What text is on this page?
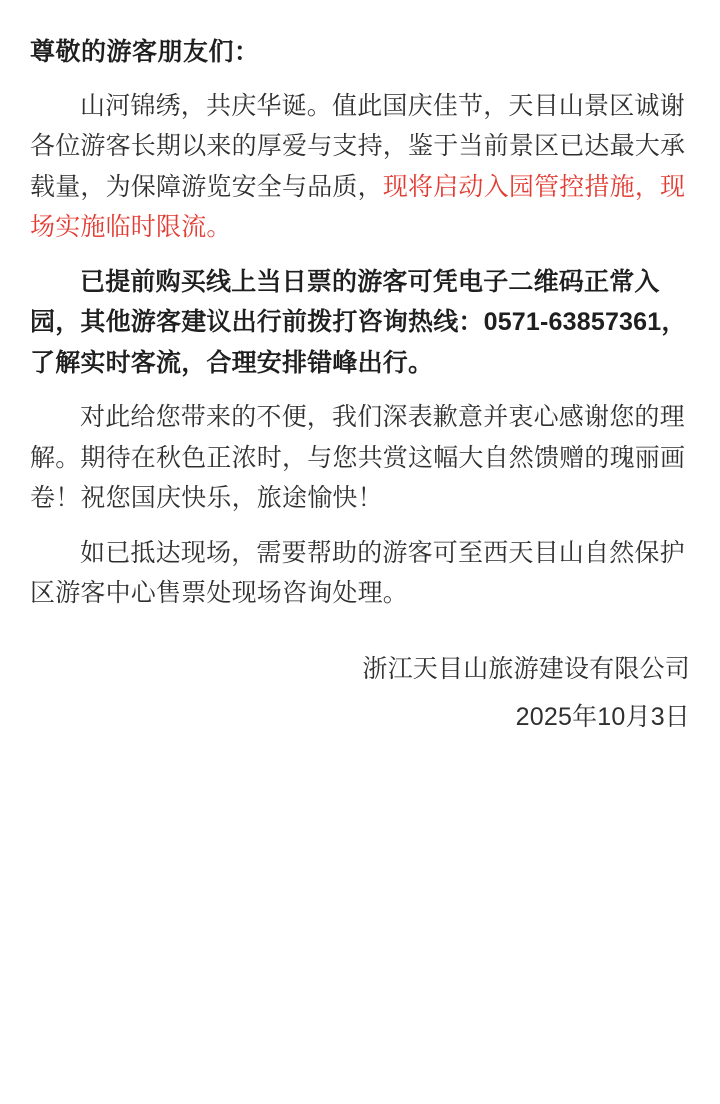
尊敬的游客朋友们：

山河锦绣，共庆华诞。值此国庆佳节，天目山景区诚谢各位游客长期以来的厚爱与支持，鉴于当前景区已达最大承载量，为保障游览安全与品质，现将启动入园管控措施，现场实施临时限流。

已提前购买线上当日票的游客可凭电子二维码正常入园，其他游客建议出行前拨打咨询热线：0571-63857361，了解实时客流，合理安排错峰出行。

对此给您带来的不便，我们深表歉意并衷心感谢您的理解。期待在秋色正浓时，与您共赏这幅大自然馈赠的瑰丽画卷！祝您国庆快乐，旅途愉快！

如已抵达现场，需要帮助的游客可至西天目山自然保护区游客中心售票处现场咨询处理。

浙江天目山旅游建设有限公司
2025年10月3日
